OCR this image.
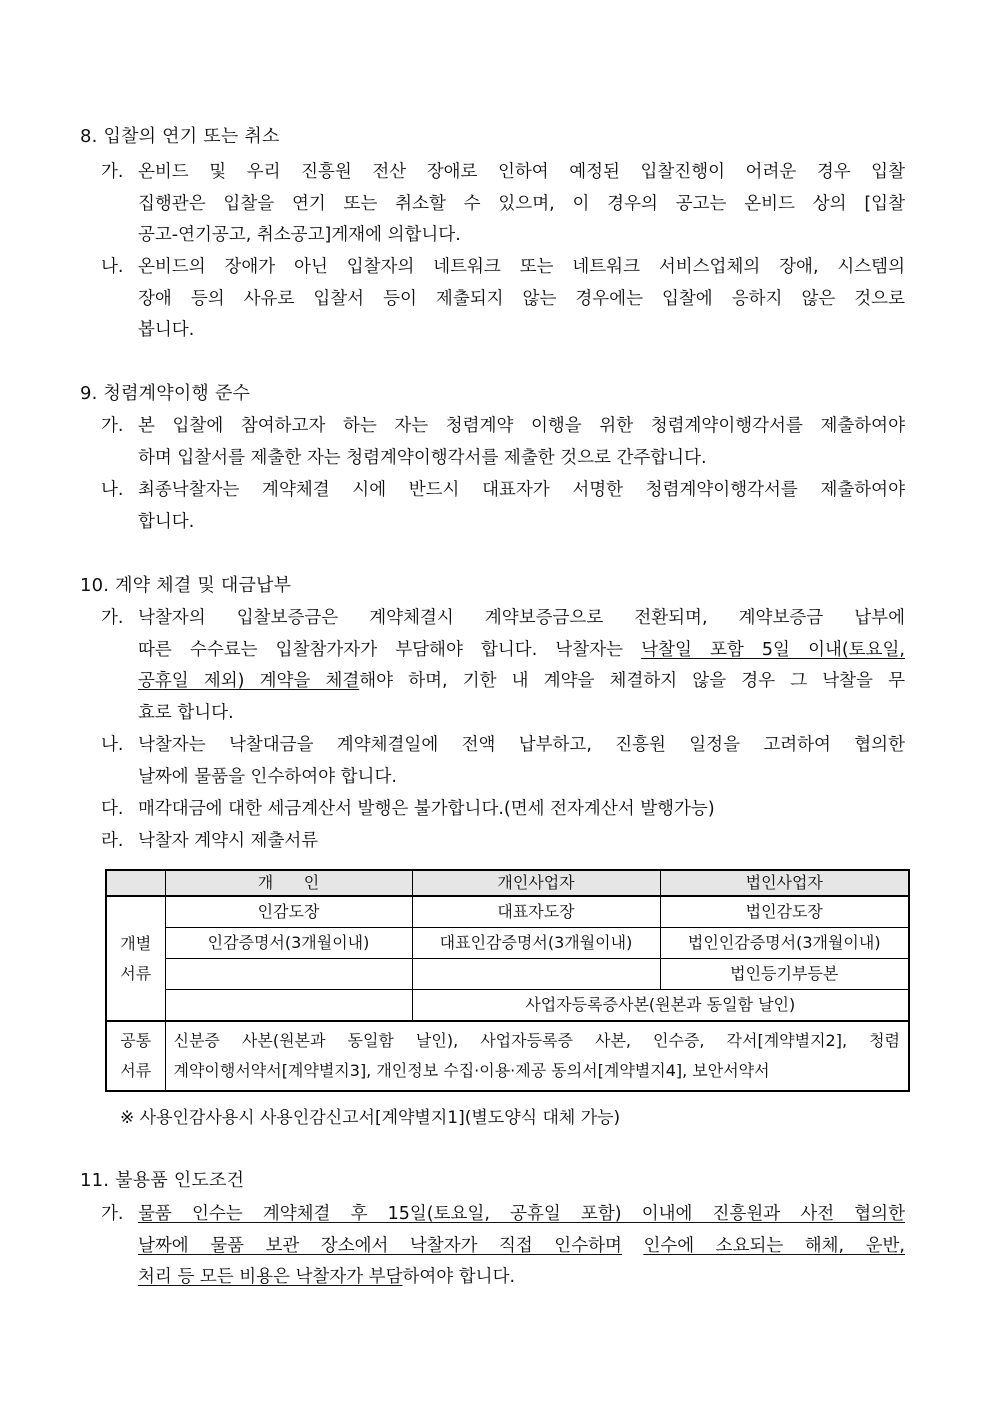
8. 입찰의 연기 또는 취소
가. 온비드 및 우리 진흥원 전산 장애로 인하여 예정된 입찰진행이 어려운 경우 입찰
집행관은 입찰을 연기 또는 취소할 수 있으며, 이 경우의 공고는 온비드 상의 [입찰
공고-연기공고, 취소공고]게재에 의합니다.
나. 온비드의 장애가 아닌 입찰자의 네트워크 또는 네트워크 서비스업체의 장애, 시스템의
장애 등의 사유로 입찰서 등이 제출되지 않는 경우에는 입찰에 응하지 않은 것으로
봅니다.
9. 청렴계약이행 준수
가. 본 입찰에 참여하고자 하는 자는 청렴계약 이행을 위한 청렴계약이행각서를 제출하여야
하며 입찰서를 제출한 자는 청렴계약이행각서를 제출한 것으로 간주합니다.
나. 최종낙찰자는 계약체결 시에 반드시 대표자가 서명한 청렴계약이행각서를 제출하여야
합니다.
10. 계약 체결 및 대금납부
가. 낙찰자의 입찰보증금은 계약체결시 계약보증금으로 전환되며, 계약보증금 납부에
따른 수수료는 입찰참가자가 부담해야 합니다. 낙찰자는 낙찰일 포함 5일 이내(토요일,
공휴일 제외) 계약을 체결해야 하며, 기한 내 계약을 체결하지 않을 경우 그 낙찰을 무
효로 합니다.
나. 낙찰자는 낙찰대금을 계약체결일에 전액 납부하고, 진흥원 일정을 고려하여 협의한
날짜에 물품을 인수하여야 합니다.
다. 매각대금에 대한 세금계산서 발행은 불가합니다.(면세 전자계산서 발행가능)
라. 낙찰자 계약시 제출서류
	개      인	개인사업자	법인사업자
개별
서류	인감도장	대표자도장	법인감도장
	인감증명서(3개월이내)	대표인감증명서(3개월이내)	법인인감증명서(3개월이내)
			법인등기부등본
		사업자등록증사본(원본과 동일함 날인)	
공통
서류	신분증 사본(원본과 동일함 날인), 사업자등록증 사본, 인수증, 각서[계약별지2], 청렴
계약이행서약서[계약별지3], 개인정보 수집·이용·제공 동의서[계약별지4], 보안서약서		
※ 사용인감사용시 사용인감신고서[계약별지1](별도양식 대체 가능)
11. 불용품 인도조건
가. 물품 인수는 계약체결 후 15일(토요일, 공휴일 포함) 이내에 진흥원과 사전 협의한
날짜에 물품 보관 장소에서 낙찰자가 직접 인수하며 인수에 소요되는 해체, 운반,
처리 등 모든 비용은 낙찰자가 부담하여야 합니다.
